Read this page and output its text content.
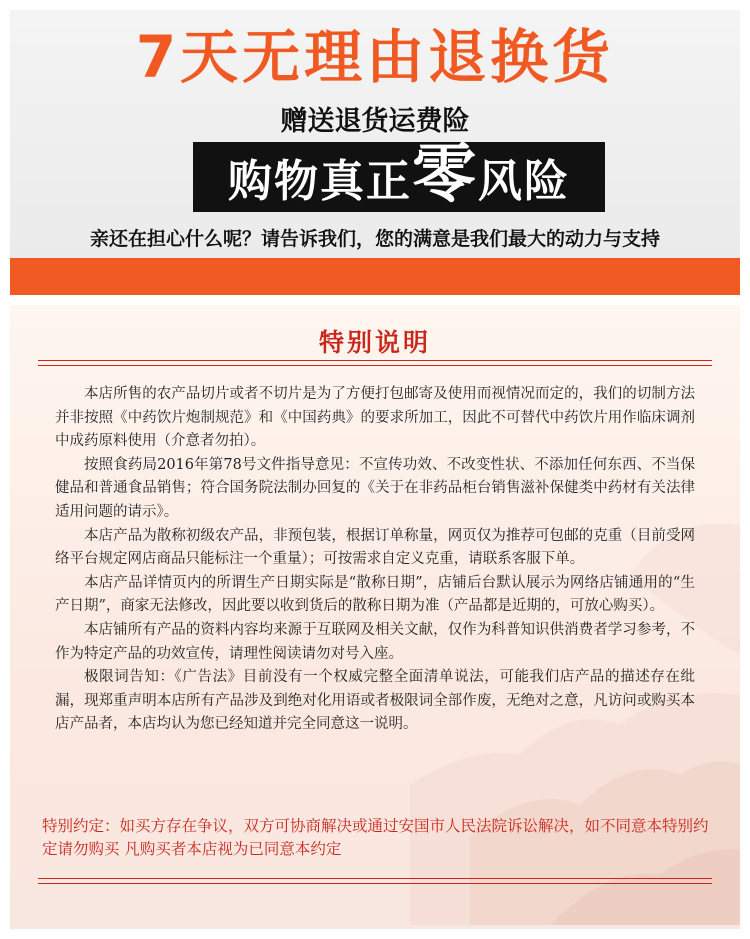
7天无理由退换货
赠送退货运费险
购物真正零风险
亲还在担心什么呢？请告诉我们，您的满意是我们最大的动力与支持
特别说明

本店所售的农产品切片或者不切片是为了方便打包邮寄及使用而视情况而定的，我们的切制方法并非按照《中药饮片炮制规范》和《中国药典》的要求所加工，因此不可替代中药饮片用作临床调剂中成药原料使用（介意者勿拍）。

按照食药局2016年第78号文件指导意见：不宣传功效、不改变性状、不添加任何东西、不当保健品和普通食品销售；符合国务院法制办回复的《关于在非药品柜台销售滋补保健类中药材有关法律适用问题的请示》。

本店产品为散称初级农产品，非预包装，根据订单称量，网页仅为推荐可包邮的克重（目前受网络平台规定网店商品只能标注一个重量）；可按需求自定义克重，请联系客服下单。

本店产品详情页内的所谓生产日期实际是“散称日期”，店铺后台默认展示为网络店铺通用的“生产日期”，商家无法修改，因此要以收到货后的散称日期为准（产品都是近期的，可放心购买）。

本店铺所有产品的资料内容均来源于互联网及相关文献，仅作为科普知识供消费者学习参考，不作为特定产品的功效宣传，请理性阅读请勿对号入座。

极限词告知：《广告法》目前没有一个权威完整全面清单说法，可能我们店产品的描述存在纰漏，现郑重声明本店所有产品涉及到绝对化用语或者极限词全部作废，无绝对之意，凡访问或购买本店产品者，本店均认为您已经知道并完全同意这一说明。

特别约定：如买方存在争议，双方可协商解决或通过安国市人民法院诉讼解决，如不同意本特别约定请勿购买 凡购买者本店视为已同意本约定
